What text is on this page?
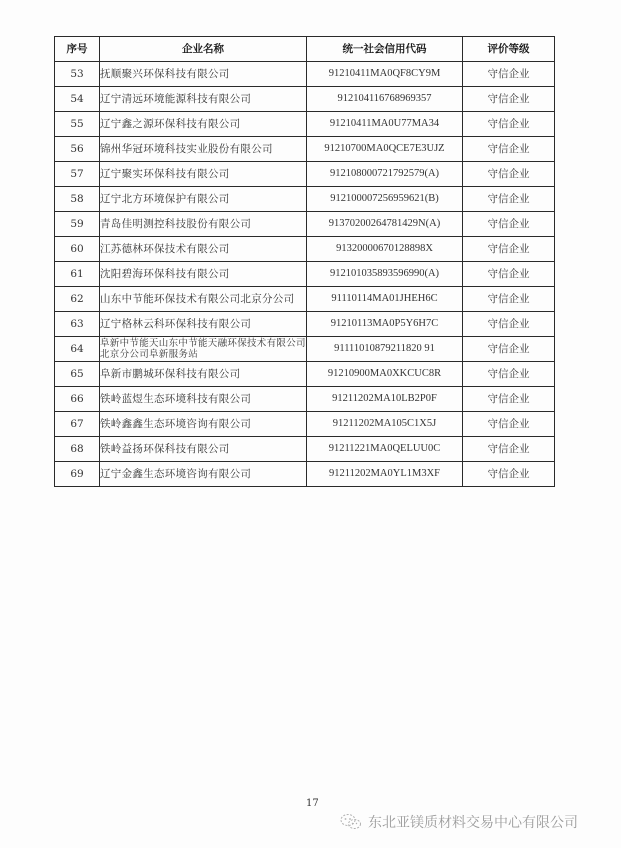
序号	企业名称	统一社会信用代码	评价等级
53	抚顺聚兴环保科技有限公司	91210411MA0QF8CY9M	守信企业
54	辽宁清远环境能源科技有限公司	912104116768969357	守信企业
55	辽宁鑫之源环保科技有限公司	91210411MA0U77MA34	守信企业
56	锦州华冠环境科技实业股份有限公司	91210700MA0QCE7E3UJZ	守信企业
57	辽宁聚实环保科技有限公司	912108000721792579(A)	守信企业
58	辽宁北方环境保护有限公司	912100007256959621(B)	守信企业
59	青岛佳明测控科技股份有限公司	91370200264781429N(A)	守信企业
60	江苏德林环保技术有限公司	91320000670128898X	守信企业
61	沈阳碧海环保科技有限公司	912101035893596990(A)	守信企业
62	山东中节能环保技术有限公司北京分公司	91110114MA01JHEH6C	守信企业
63	辽宁格林云科环保科技有限公司	91210113MA0P5Y6H7C	守信企业
64	阜新中节能天山东中节能天融环保技术有限公司北京分公司阜新服务站	91111010879211820 91	守信企业
65	阜新市鹏城环保科技有限公司	91210900MA0XKCUC8R	守信企业
66	铁岭蓝煜生态环境科技有限公司	91211202MA10LB2P0F	守信企业
67	铁岭鑫鑫生态环境咨询有限公司	91211202MA105C1X5J	守信企业
68	铁岭益扬环保科技有限公司	91211221MA0QELUU0C	守信企业
69	辽宁金鑫生态环境咨询有限公司	91211202MA0YL1M3XF	守信企业
17
东北亚镁质材料交易中心有限公司
